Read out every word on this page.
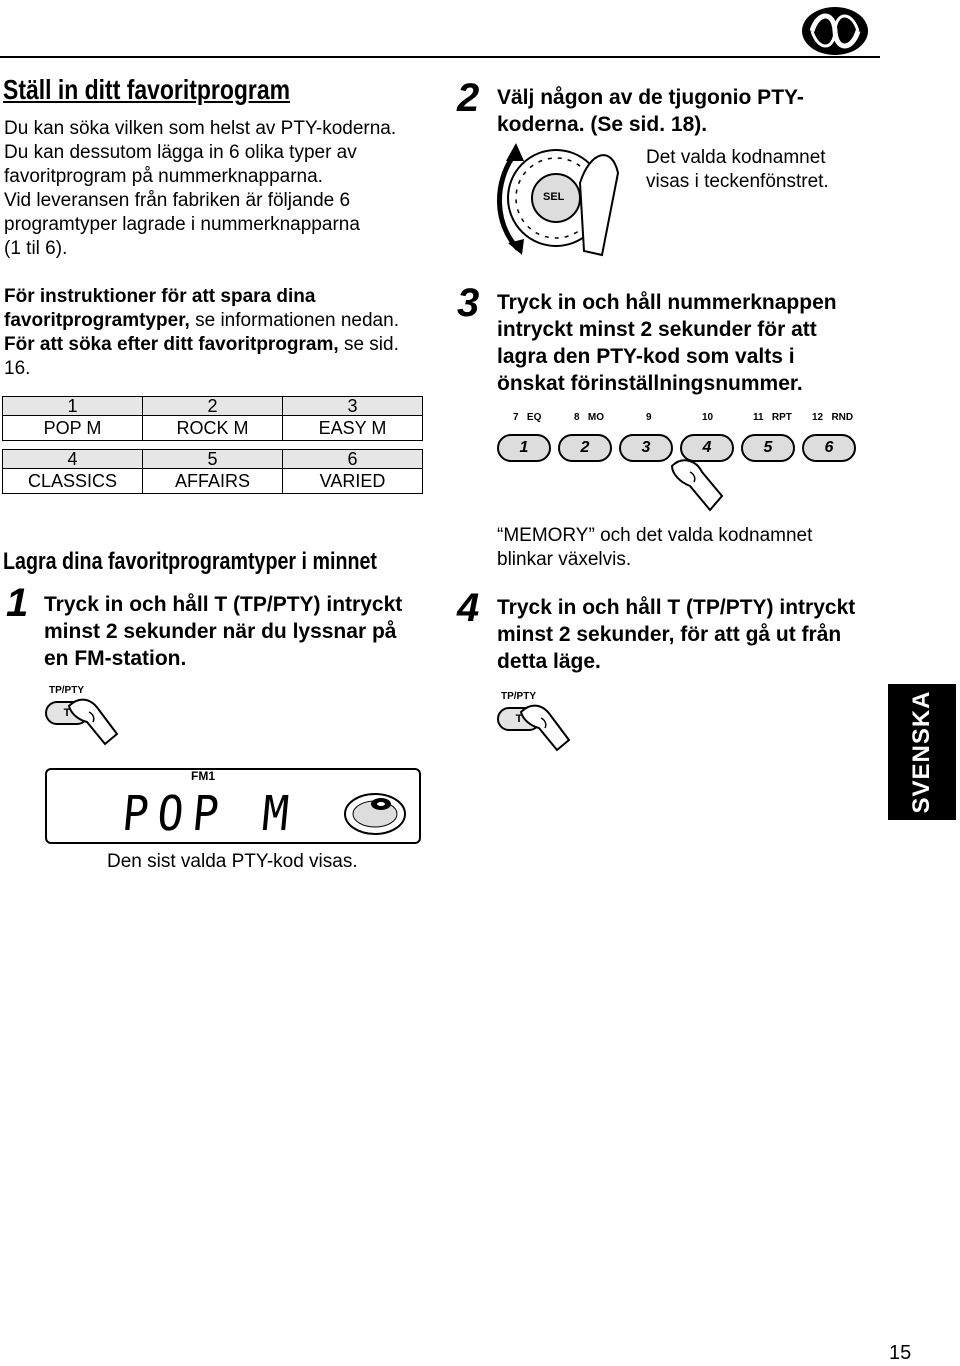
Ställ in ditt favoritprogram
Du kan söka vilken som helst av PTY-koderna.
Du kan dessutom lägga in 6 olika typer av
favoritprogram på nummerknapparna.
Vid leveransen från fabriken är följande 6
programtyper lagrade i nummerknapparna
(1 til 6).
För instruktioner för att spara dina favoritprogramtyper, se informationen nedan.
För att söka efter ditt favoritprogram, se sid. 16.
1	2	3
POP M	ROCK M	EASY M

4	5	6
CLASSICS	AFFAIRS	VARIED
Lagra dina favoritprogramtyper i minnet
1 Tryck in och håll T (TP/PTY) intryckt minst 2 sekunder när du lyssnar på en FM-station.
TP/PTY
T
FM1
POP M
Den sist valda PTY-kod visas.
2 Välj någon av de tjugonio PTY-koderna. (Se sid. 18).
SEL
Det valda kodnamnet visas i teckenfönstret.
3 Tryck in och håll nummerknappen intryckt minst 2 sekunder för att lagra den PTY-kod som valts i önskat förinställningsnummer.
7   EQ	8   MO	9	10	11   RPT 12   RND
1	2	3	4	5	6
“MEMORY” och det valda kodnamnet blinkar växelvis.
4 Tryck in och håll T (TP/PTY) intryckt minst 2 sekunder, för att gå ut från detta läge.
TP/PTY
T	SVENSKA
15
